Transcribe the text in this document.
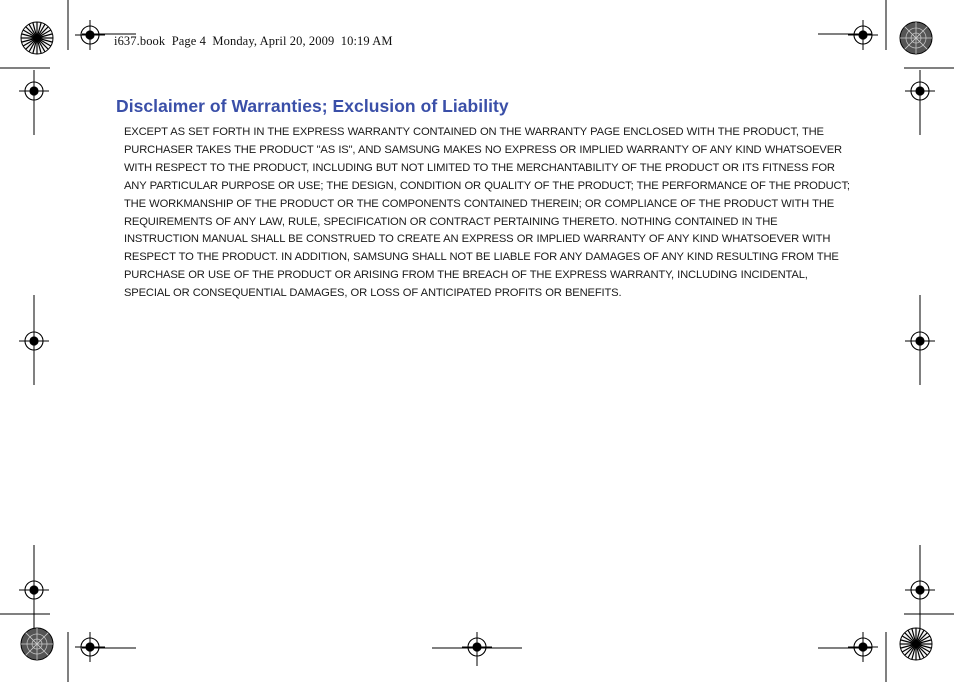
i637.book  Page 4  Monday, April 20, 2009  10:19 AM
Disclaimer of Warranties; Exclusion of Liability

EXCEPT AS SET FORTH IN THE EXPRESS WARRANTY CONTAINED ON THE WARRANTY PAGE ENCLOSED WITH THE PRODUCT, THE PURCHASER TAKES THE PRODUCT "AS IS", AND SAMSUNG MAKES NO EXPRESS OR IMPLIED WARRANTY OF ANY KIND WHATSOEVER WITH RESPECT TO THE PRODUCT, INCLUDING BUT NOT LIMITED TO THE MERCHANTABILITY OF THE PRODUCT OR ITS FITNESS FOR ANY PARTICULAR PURPOSE OR USE; THE DESIGN, CONDITION OR QUALITY OF THE PRODUCT; THE PERFORMANCE OF THE PRODUCT; THE WORKMANSHIP OF THE PRODUCT OR THE COMPONENTS CONTAINED THEREIN; OR COMPLIANCE OF THE PRODUCT WITH THE REQUIREMENTS OF ANY LAW, RULE, SPECIFICATION OR CONTRACT PERTAINING THERETO. NOTHING CONTAINED IN THE INSTRUCTION MANUAL SHALL BE CONSTRUED TO CREATE AN EXPRESS OR IMPLIED WARRANTY OF ANY KIND WHATSOEVER WITH RESPECT TO THE PRODUCT. IN ADDITION, SAMSUNG SHALL NOT BE LIABLE FOR ANY DAMAGES OF ANY KIND RESULTING FROM THE PURCHASE OR USE OF THE PRODUCT OR ARISING FROM THE BREACH OF THE EXPRESS WARRANTY, INCLUDING INCIDENTAL, SPECIAL OR CONSEQUENTIAL DAMAGES, OR LOSS OF ANTICIPATED PROFITS OR BENEFITS.
